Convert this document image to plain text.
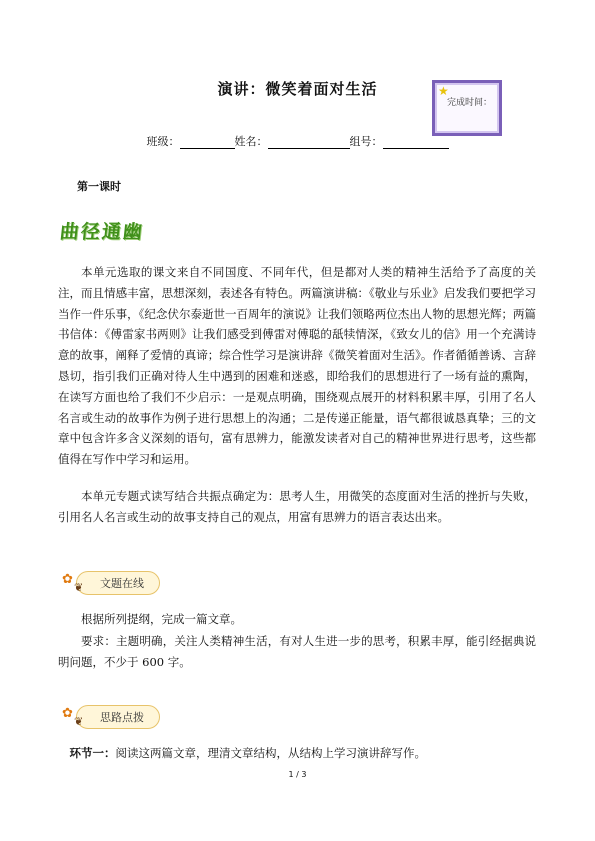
演讲：微笑着面对生活	★
完成时间：
班级：	姓名：	组号：
第一课时
曲径通幽
本单元选取的课文来自不同国度、不同年代，但是都对人类的精神生活给予了高度的关注，而且情感丰富，思想深刻，表述各有特色。两篇演讲稿：《敬业与乐业》启发我们要把学习当作一件乐事，《纪念伏尔泰逝世一百周年的演说》让我们领略两位杰出人物的思想光辉；两篇书信体：《傅雷家书两则》让我们感受到傅雷对傅聪的舐犊情深，《致女儿的信》用一个充满诗意的故事，阐释了爱情的真谛；综合性学习是演讲辞《微笑着面对生活》。作者循循善诱、言辞恳切，指引我们正确对待人生中遇到的困难和迷惑，即给我们的思想进行了一场有益的熏陶，在读写方面也给了我们不少启示：一是观点明确，围绕观点展开的材料积累丰厚，引用了名人名言或生动的故事作为例子进行思想上的沟通；二是传递正能量，语气都很诚恳真挚；三的文章中包含许多含义深刻的语句，富有思辨力，能激发读者对自己的精神世界进行思考，这些都值得在写作中学习和运用。
本单元专题式读写结合共振点确定为：思考人生，用微笑的态度面对生活的挫折与失败，引用名人名言或生动的故事支持自己的观点，用富有思辨力的语言表达出来。
✿
❦ 文题在线
根据所列提纲，完成一篇文章。
要求：主题明确，关注人类精神生活，有对人生进一步的思考，积累丰厚，能引经据典说明问题，不少于 600 字。
✿
❦ 思路点拨
环节一：阅读这两篇文章，理清文章结构，从结构上学习演讲辞写作。
1 / 3
